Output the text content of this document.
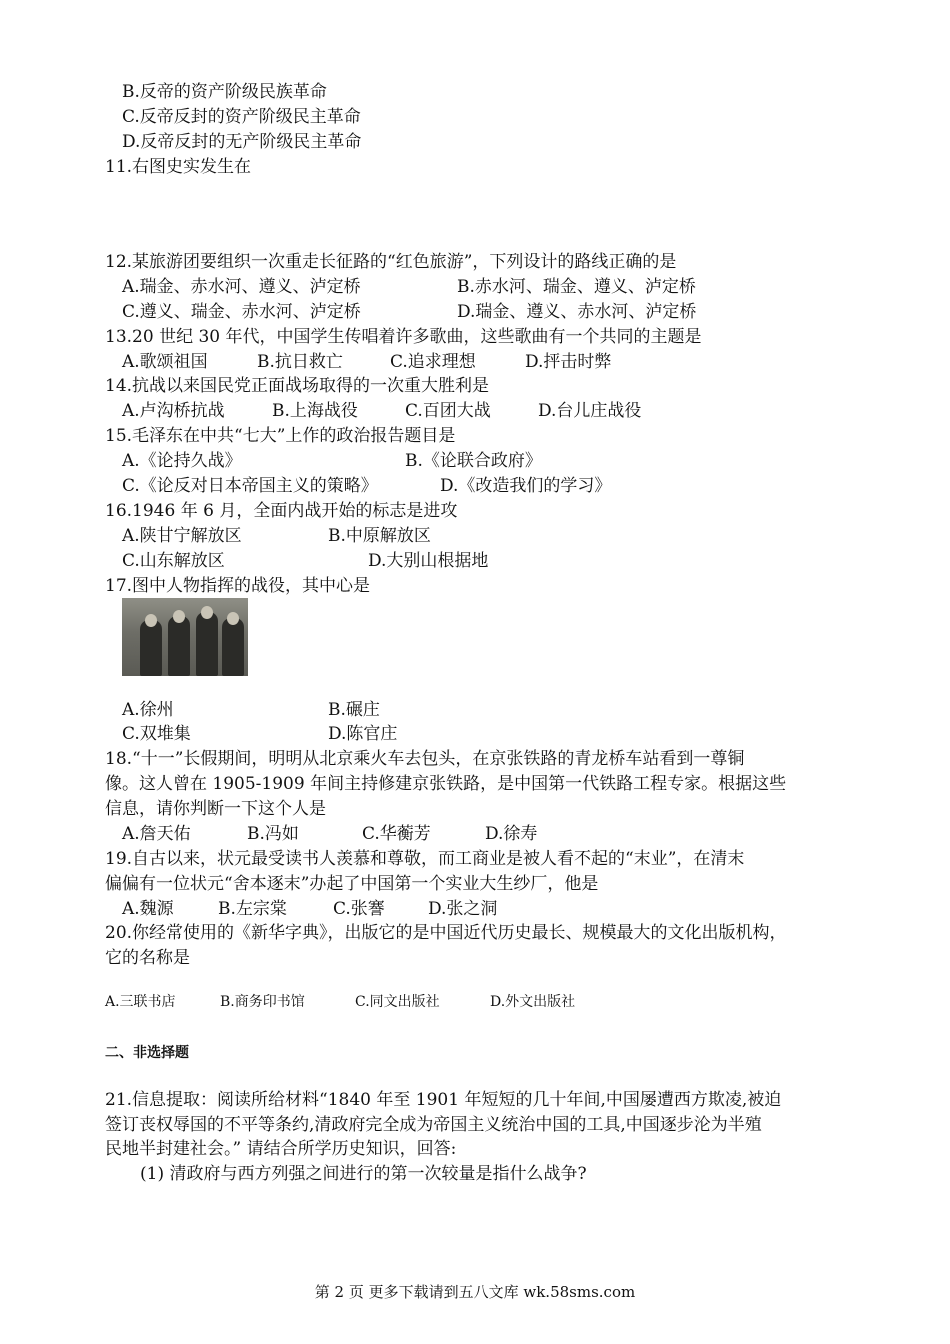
B.反帝的资产阶级民族革命
C.反帝反封的资产阶级民主革命
D.反帝反封的无产阶级民主革命
11.右图史实发生在
12.某旅游团要组织一次重走长征路的“红色旅游”，下列设计的路线正确的是
A.瑞金、赤水河、遵义、泸定桥	B.赤水河、瑞金、遵义、泸定桥
C.遵义、瑞金、赤水河、泸定桥	D.瑞金、遵义、赤水河、泸定桥
13.20 世纪 30 年代，中国学生传唱着许多歌曲，这些歌曲有一个共同的主题是
A.歌颂祖国	B.抗日救亡	C.追求理想	D.抨击时弊
14.抗战以来国民党正面战场取得的一次重大胜利是
A.卢沟桥抗战	B.上海战役	C.百团大战	D.台儿庄战役
15.毛泽东在中共“七大”上作的政治报告题目是
A.《论持久战》	B.《论联合政府》
C.《论反对日本帝国主义的策略》	D.《改造我们的学习》
16.1946 年 6 月，全面内战开始的标志是进攻
A.陕甘宁解放区	B.中原解放区
C.山东解放区	D.大别山根据地
17.图中人物指挥的战役，其中心是
A.徐州	B.碾庄
C.双堆集	D.陈官庄
18.“十一”长假期间，明明从北京乘火车去包头，在京张铁路的青龙桥车站看到一尊铜
像。这人曾在 1905-1909 年间主持修建京张铁路，是中国第一代铁路工程专家。根据这些
信息，请你判断一下这个人是
A.詹天佑	B.冯如	C.华蘅芳	D.徐寿
19.自古以来，状元最受读书人羡慕和尊敬，而工商业是被人看不起的“末业”，在清末
偏偏有一位状元“舍本逐末”办起了中国第一个实业大生纱厂，他是
A.魏源	B.左宗棠	C.张謇	D.张之洞
20.你经常使用的《新华字典》，出版它的是中国近代历史最长、规模最大的文化出版机构，
它的名称是
A.三联书店	B.商务印书馆	C.同文出版社	D.外文出版社
二、非选择题
21.信息提取：阅读所给材料“1840 年至 1901 年短短的几十年间,中国屡遭西方欺凌,被迫
签订丧权辱国的不平等条约,清政府完全成为帝国主义统治中国的工具,中国逐步沦为半殖
民地半封建社会。” 请结合所学历史知识，回答:
(1) 清政府与西方列强之间进行的第一次较量是指什么战争?
第 2 页 更多下载请到五八文库 wk.58sms.com
